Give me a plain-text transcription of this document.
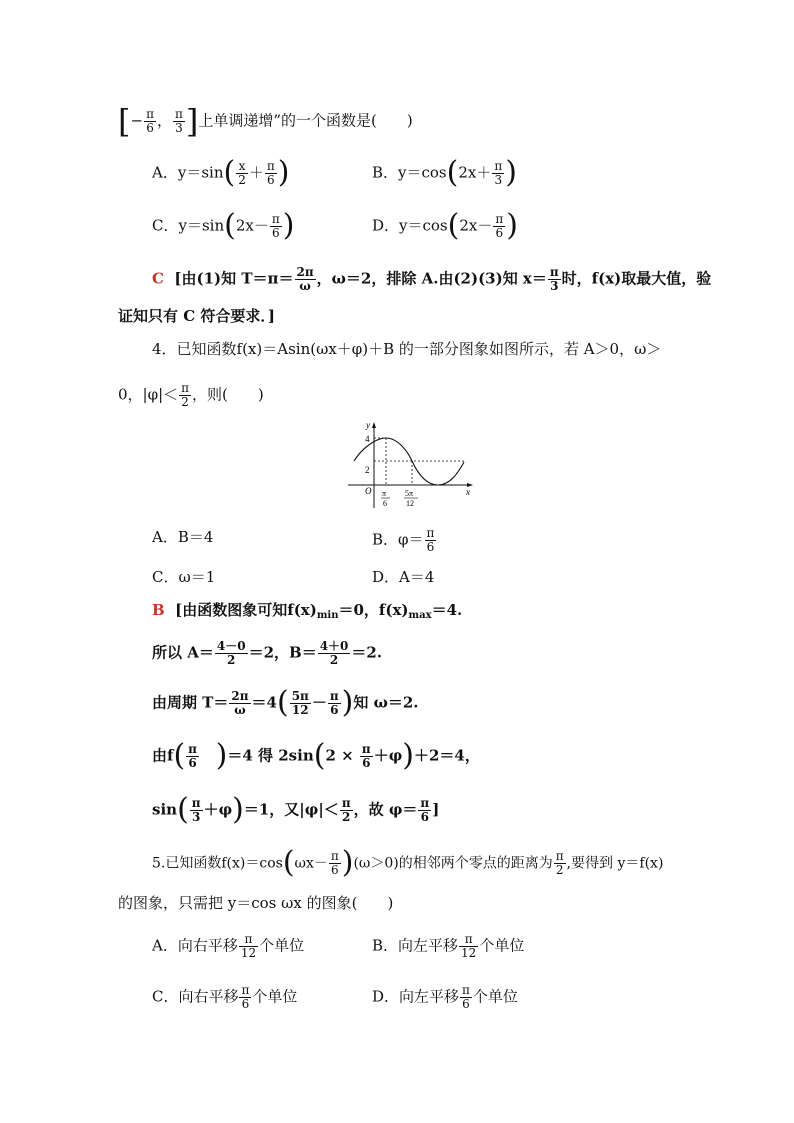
[− $\frac{\pi}{6}$ ， $\frac{\pi}{3}$ ]上单调递增”的一个函数是(　　)
A．$y=\sin( \frac{x}{2} + \frac{\pi}{6}$ )	B．$y=\cos(2x+ \frac{\pi}{3}$ )
C．$y=\sin(2x- \frac{\pi}{6}$ )	D．$y=\cos(2x- \frac{\pi}{6}$ )
C [由(1)知 $T=\pi= \frac{2\pi}{\omega}$ ，ω＝2，排除 A.由(2)(3)知 $x= \frac{\pi}{3}$ 时，f(x)取最大值，验
证知只有 C 符合要求．]
4．已知函数f(x)＝Asin(ωx＋φ)＋B 的一部分图象如图所示，若 A＞0，ω＞
0，$|\varphi|< \frac{\pi}{2}$ ，则(　　)
y
x
O
4
2
π
6
5π
12
A．B＝4	B．$\varphi= \frac{\pi}{6}$
C．ω＝1	D．A＝4
B [由函数图象可知$f(x)_{min}=0$，$f(x)_{max}=4$.
所以 $A= \frac{4-0}{2} =2$，$B= \frac{4+0}{2} =2$.
由周期 $T= \frac{2\pi}{\omega} =4( \frac{5\pi}{12} - \frac{\pi}{6}$ )知 ω＝2.
由$f( \frac{\pi}{6} )=4$ 得 $2\sin(2 \times \frac{\pi}{6} +\varphi)+2=4$，
$\sin( \frac{\pi}{3} +\varphi)=1$，又$|\varphi|< \frac{\pi}{2}$ ，故 $\varphi= \frac{\pi}{6}$ ]
5.已知函数$f(x)=\cos(\omega x- \frac{\pi}{6} )(\omega>0)$的相邻两个零点的距离为 $\frac{\pi}{2}$ ,要得到 y＝f(x)
的图象，只需把 y＝cos ωx 的图象(　　)
A．向右平移 $\frac{\pi}{12}$ 个单位	B．向左平移 $\frac{\pi}{12}$ 个单位
C．向右平移 $\frac{\pi}{6}$ 个单位	D．向左平移 $\frac{\pi}{6}$ 个单位
